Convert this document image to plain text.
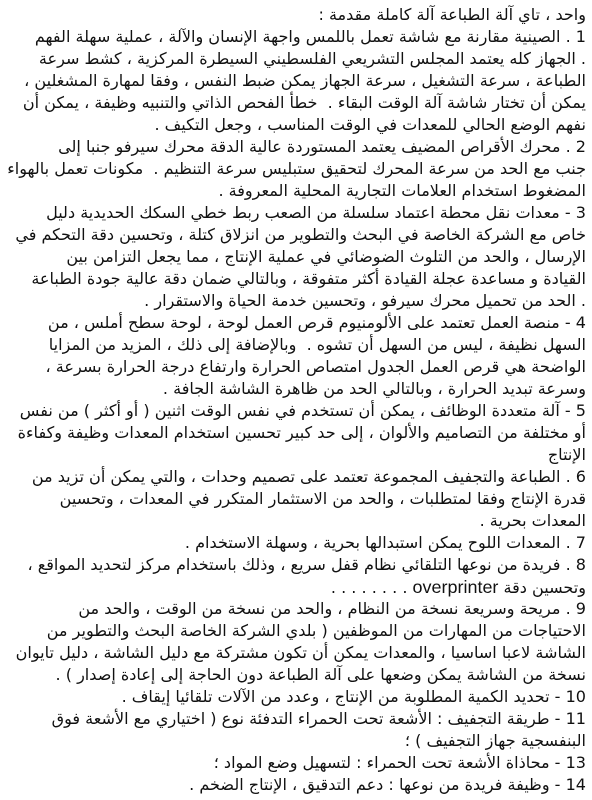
واحد ، تاي آلة الطباعة آلة كاملة مقدمة :
1 . الصينية مقارنة مع شاشة تعمل باللمس واجهة الإنسان والآلة ، عملية سهلة الفهم
. الجهاز كله يعتمد المجلس التشريعي الفلسطيني السيطرة المركزية ، كشط سرعة
الطباعة ، سرعة التشغيل ، سرعة الجهاز يمكن ضبط النفس ، وفقا لمهارة المشغلين ،
يمكن أن تختار شاشة آلة الوقت البقاء .  خطأ الفحص الذاتي والتنبيه وظيفة ، يمكن أن
نفهم الوضع الحالي للمعدات في الوقت المناسب ، وجعل التكيف .
2 . محرك الأقراص المضيف يعتمد المستوردة عالية الدقة محرك سيرفو جنبا إلى
جنب مع الحد من سرعة المحرك لتحقيق ستبليس سرعة التنظيم .  مكونات تعمل بالهواء
المضغوط استخدام العلامات التجارية المحلية المعروفة .
3 - معدات نقل محطة اعتماد سلسلة من الصعب ربط خطي السكك الحديدية دليل
خاص مع الشركة الخاصة في البحث والتطوير من انزلاق كتلة ، وتحسين دقة التحكم في
الإرسال ، والحد من التلوث الضوضائي في عملية الإنتاج ، مما يجعل التزامن بين
القيادة و مساعدة عجلة القيادة أكثر متفوقة ، وبالتالي ضمان دقة عالية جودة الطباعة
. الحد من تحميل محرك سيرفو ، وتحسين خدمة الحياة والاستقرار .
4 - منصة العمل تعتمد على الألومنيوم قرص العمل لوحة ، لوحة سطح أملس ، من
السهل نظيفة ، ليس من السهل أن تشوه .  وبالإضافة إلى ذلك ، المزيد من المزايا
الواضحة هي قرص العمل الجدول امتصاص الحرارة وارتفاع درجة الحرارة بسرعة ،
وسرعة تبديد الحرارة ، وبالتالي الحد من ظاهرة الشاشة الجافة .
5 - آلة متعددة الوظائف ، يمكن أن تستخدم في نفس الوقت اثنين ( أو أكثر ) من نفس
أو مختلفة من التصاميم والألوان ، إلى حد كبير تحسين استخدام المعدات وظيفة وكفاءة
الإنتاج
6 . الطباعة والتجفيف المجموعة تعتمد على تصميم وحدات ، والتي يمكن أن تزيد من
قدرة الإنتاج وفقا لمتطلبات ، والحد من الاستثمار المتكرر في المعدات ، وتحسين
المعدات بحرية .
7 . المعدات اللوح يمكن استبدالها بحرية ، وسهلة الاستخدام .
8 . فريدة من نوعها التلقائي نظام قفل سريع ، وذلك باستخدام مركز لتحديد المواقع ،
وتحسين دقة overprinter . . . . . . . .
9 . مريحة وسريعة نسخة من النظام ، والحد من نسخة من الوقت ، والحد من
الاحتياجات من المهارات من الموظفين ( بلدي الشركة الخاصة البحث والتطوير من
الشاشة لاعبا اساسيا ، والمعدات يمكن أن تكون مشتركة مع دليل الشاشة ، دليل تايوان
نسخة من الشاشة يمكن وضعها على آلة الطباعة دون الحاجة إلى إعادة إصدار ) .
10 - تحديد الكمية المطلوبة من الإنتاج ، وعدد من الآلات تلقائيا إيقاف .
11 - طريقة التجفيف : الأشعة تحت الحمراء التدفئة نوع ( اختياري مع الأشعة فوق
البنفسجية جهاز التجفيف ) ؛
13 - محاذاة الأشعة تحت الحمراء : لتسهيل وضع المواد ؛
14 - وظيفة فريدة من نوعها : دعم التدقيق ، الإنتاج الضخم .
